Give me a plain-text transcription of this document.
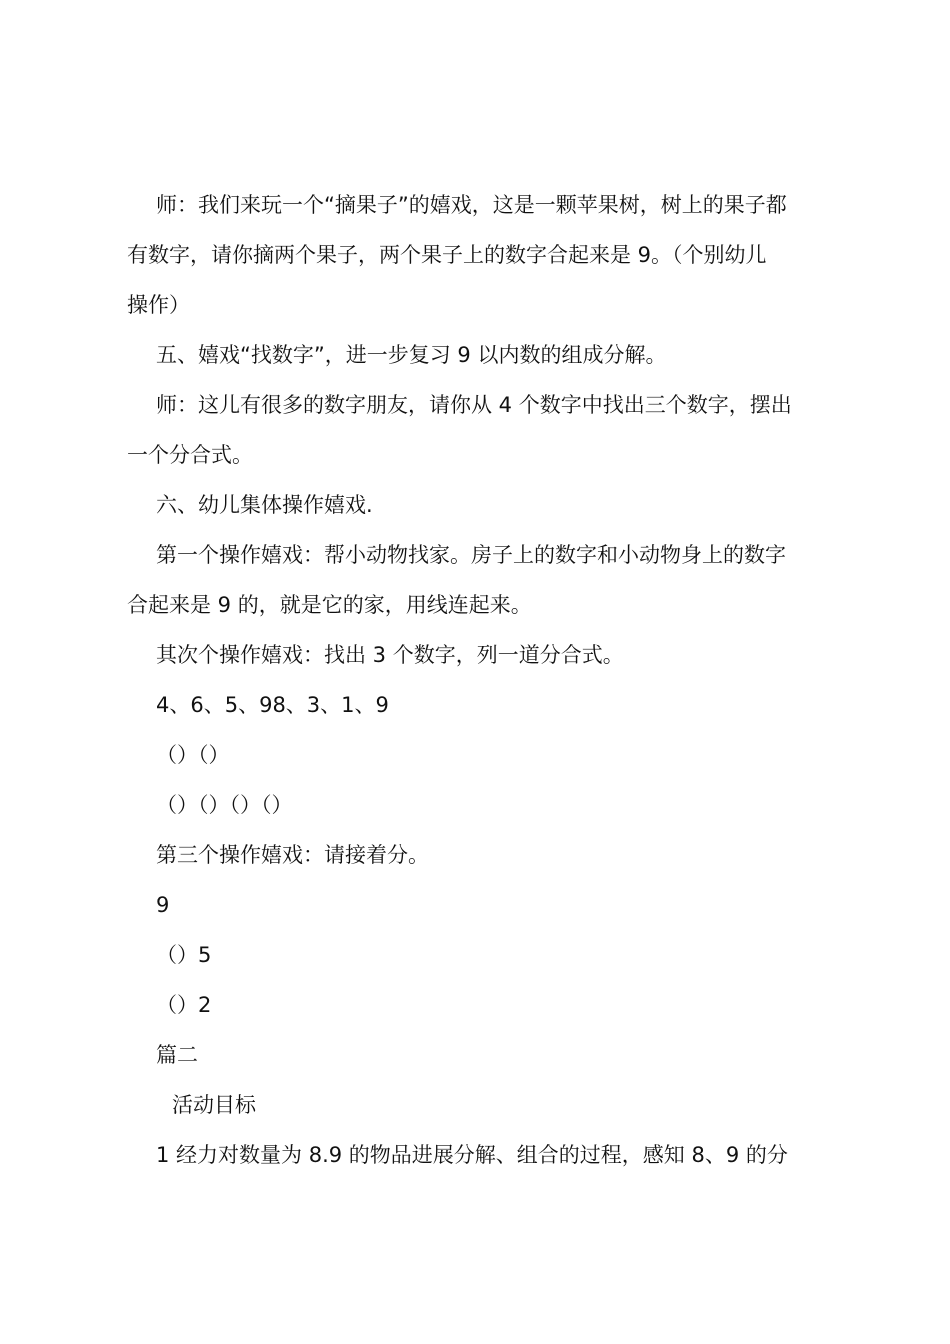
师：我们来玩一个“摘果子”的嬉戏，这是一颗苹果树，树上的果子都
有数字，请你摘两个果子，两个果子上的数字合起来是 9。（个别幼儿
操作）
五、嬉戏“找数字”，进一步复习 9 以内数的组成分解。
师：这儿有很多的数字朋友，请你从 4 个数字中找出三个数字，摆出
一个分合式。
六、幼儿集体操作嬉戏.
第一个操作嬉戏：帮小动物找家。房子上的数字和小动物身上的数字
合起来是 9 的，就是它的家，用线连起来。
其次个操作嬉戏：找出 3 个数字，列一道分合式。
4、6、5、98、3、1、9
（）（）
（）（）（）（）
第三个操作嬉戏：请接着分。
9
（）5
（）2
篇二
活动目标
1 经力对数量为 8.9 的物品进展分解、组合的过程，感知 8、9 的分
